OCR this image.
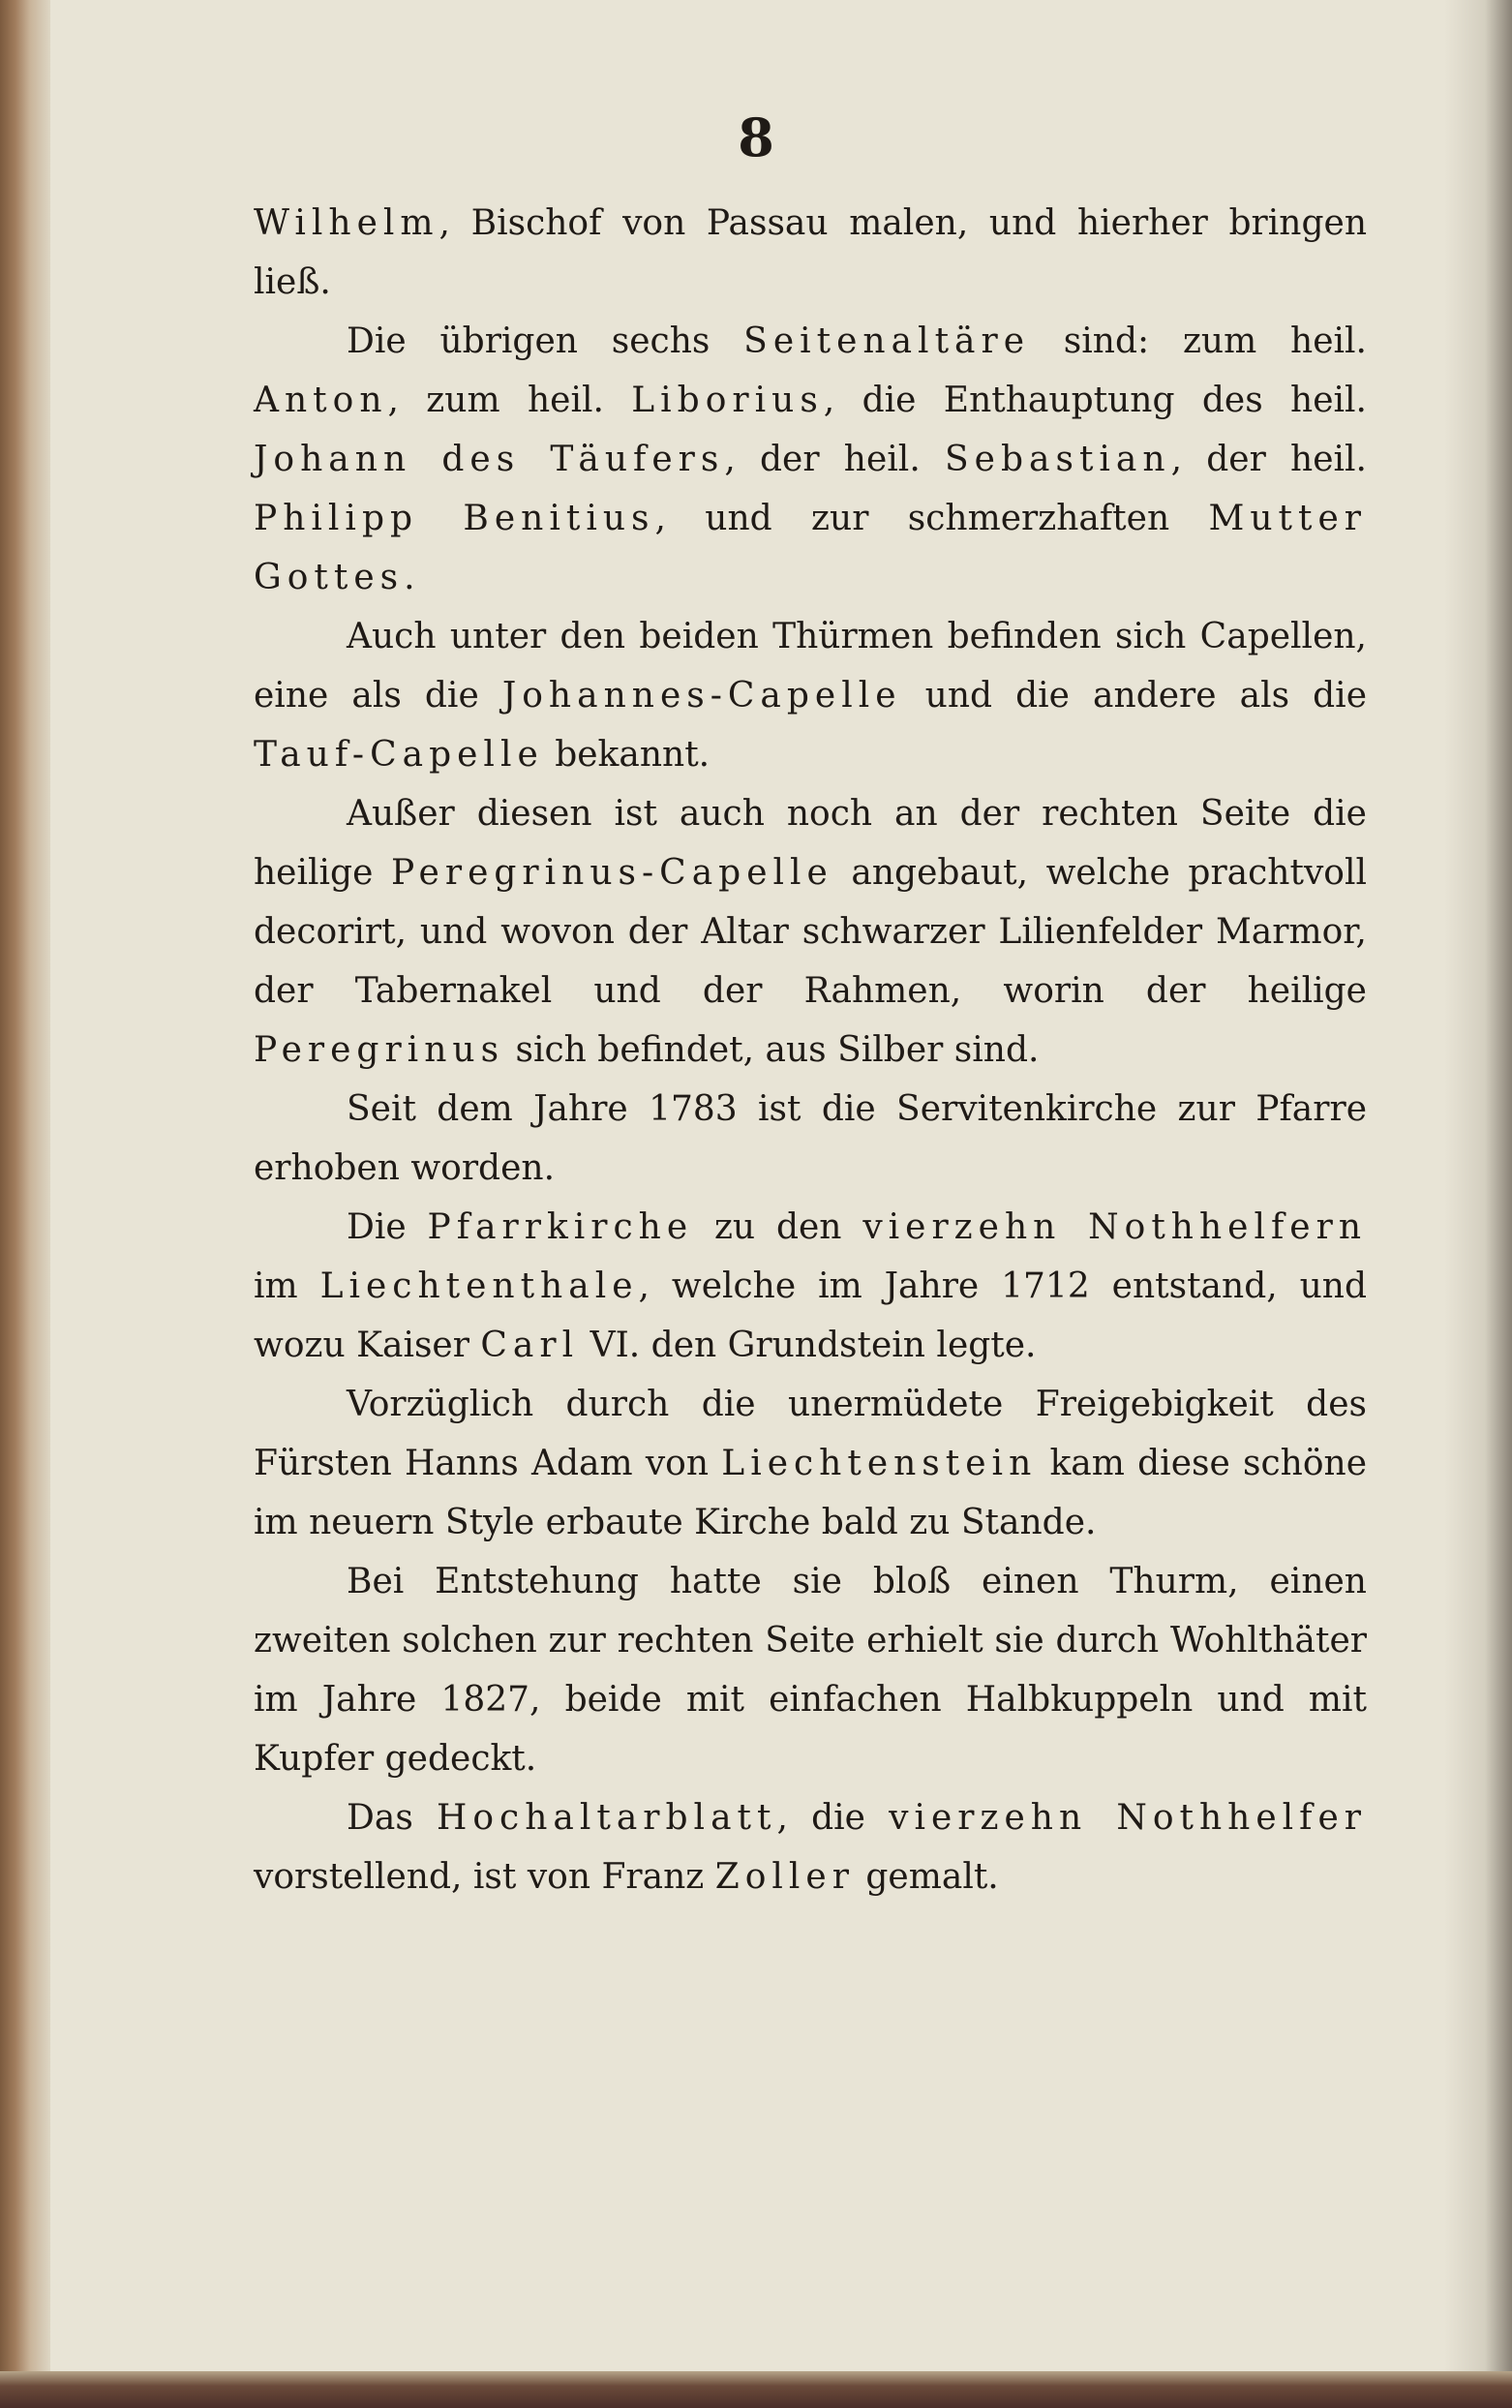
8

Wilhelm, Bischof von Passau malen, und hierher bringen ließ.

Die übrigen sechs Seitenaltäre sind: zum heil. Anton, zum heil. Liborius, die Enthauptung des heil. Johann des Täufers, der heil. Sebastian, der heil. Philipp Benitius, und zur schmerzhaften Mutter Gottes.

Auch unter den beiden Thürmen befinden sich Capellen, eine als die Johannes-Capelle und die andere als die Tauf-Capelle bekannt.

Außer diesen ist auch noch an der rechten Seite die heilige Peregrinus-Capelle angebaut, welche prachtvoll decorirt, und wovon der Altar schwarzer Lilienfelder Marmor, der Tabernakel und der Rahmen, worin der heilige Peregrinus sich befindet, aus Silber sind.

Seit dem Jahre 1783 ist die Servitenkirche zur Pfarre erhoben worden.

Die Pfarrkirche zu den vierzehn Nothhelfern im Liechtenthale, welche im Jahre 1712 entstand, und wozu Kaiser Carl VI. den Grundstein legte.

Vorzüglich durch die unermüdete Freigebigkeit des Fürsten Hanns Adam von Liechtenstein kam diese schöne im neuern Style erbaute Kirche bald zu Stande.

Bei Entstehung hatte sie bloß einen Thurm, einen zweiten solchen zur rechten Seite erhielt sie durch Wohlthäter im Jahre 1827, beide mit einfachen Halbkuppeln und mit Kupfer gedeckt.

Das Hochaltarblatt, die vierzehn Nothhelfer vorstellend, ist von Franz Zoller gemalt.
